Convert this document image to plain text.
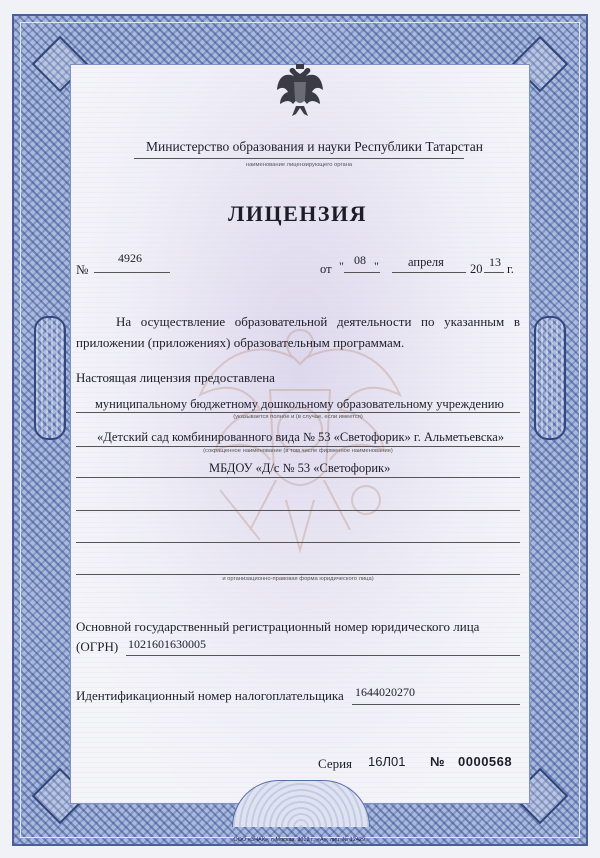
Министерство образования и науки Республики Татарстан
наименование лицензирующего органа
ЛИЦЕНЗИЯ
№
4926
от " 08 " апреля 20 13 г.
На осуществление образовательной деятельности по указанным в приложении (приложениях) образовательным программам.
Настоящая лицензия предоставлена
муниципальному бюджетному дошкольному образовательному учреждению
(указывается полное и (в случае, если имеется)
«Детский сад комбинированного вида № 53 «Светофорик» г. Альметьевска»
(сокращенное наименование (в том числе фирменное наименование)
МБДОУ «Д/с № 53 «Светофорик»
и организационно-правовая форма юридического лица)
Основной государственный регистрационный номер юридического лица
(ОГРН) 1021601630005
Идентификационный номер налогоплательщика 1644020270
Серия 16Л01 № 0000568
ООО «ЗНАК», г. Москва, 2012 г., «А», лиц. № 12429.
